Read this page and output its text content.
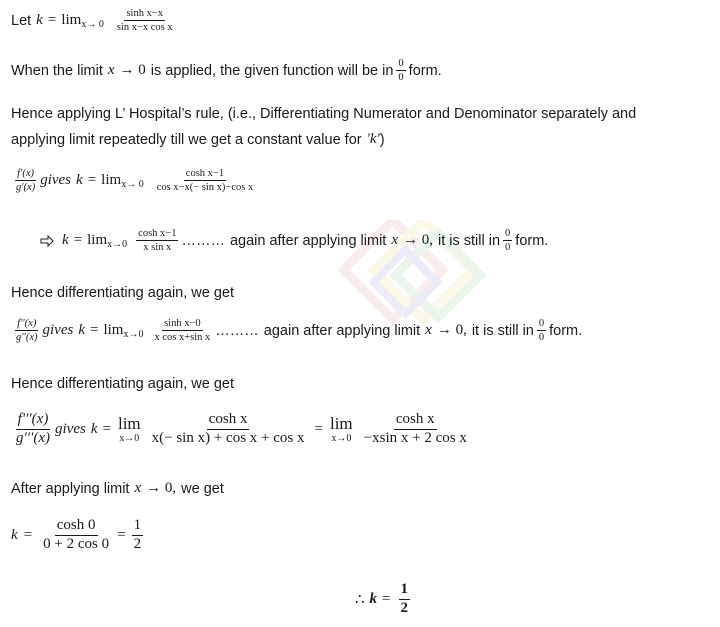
Let $k = \lim x\to 0 \frac{\text{sinh x−x}}{\text{sin x−x cos x}}$
When the limit x → 0 is applied, the given function will be in $\frac{0}{0}$ form.
Hence applying L’ Hospital’s rule, (i.e., Differentiating Numerator and Denominator separately and
applying limit repeatedly till we get a constant value for 'k' )
$\frac{f'(x)}{g'(x)}$ gives $k = \lim x\to 0 \frac{\text{cosh x−1}}{\text{cos x−x(− sin x)−cos x}}$
$k = \lim x\to 0 \frac{\text{cosh x−1}}{\text{x sin x}}$ ……… again after applying limit x → 0, it is still in $\frac{0}{0}$ form.
Hence differentiating again, we get
$\frac{f''(x)}{g''(x)}$ gives $k = \lim x\to 0 \frac{\text{sinh x−0}}{\text{x cos x+sin x}}$ ……… again after applying limit x → 0, it is still in $\frac{0}{0}$ form.
Hence differentiating again, we get
$\frac{f'''(x)}{g'''(x)}$ gives k = lim
$x\to 0 \frac{\text{cosh x}}{\text{x(− sin x) + cos x + cos x}} = \lim$
$x\to 0 \frac{\text{cosh x}}{\text{−xsin x + 2 cos x}}$
After applying limit x → 0, we get
$k = \frac{\cosh 0}{0 + 2 \cos 0} = \frac{1}{2}$
∴ $k = \frac{1}{2}$
